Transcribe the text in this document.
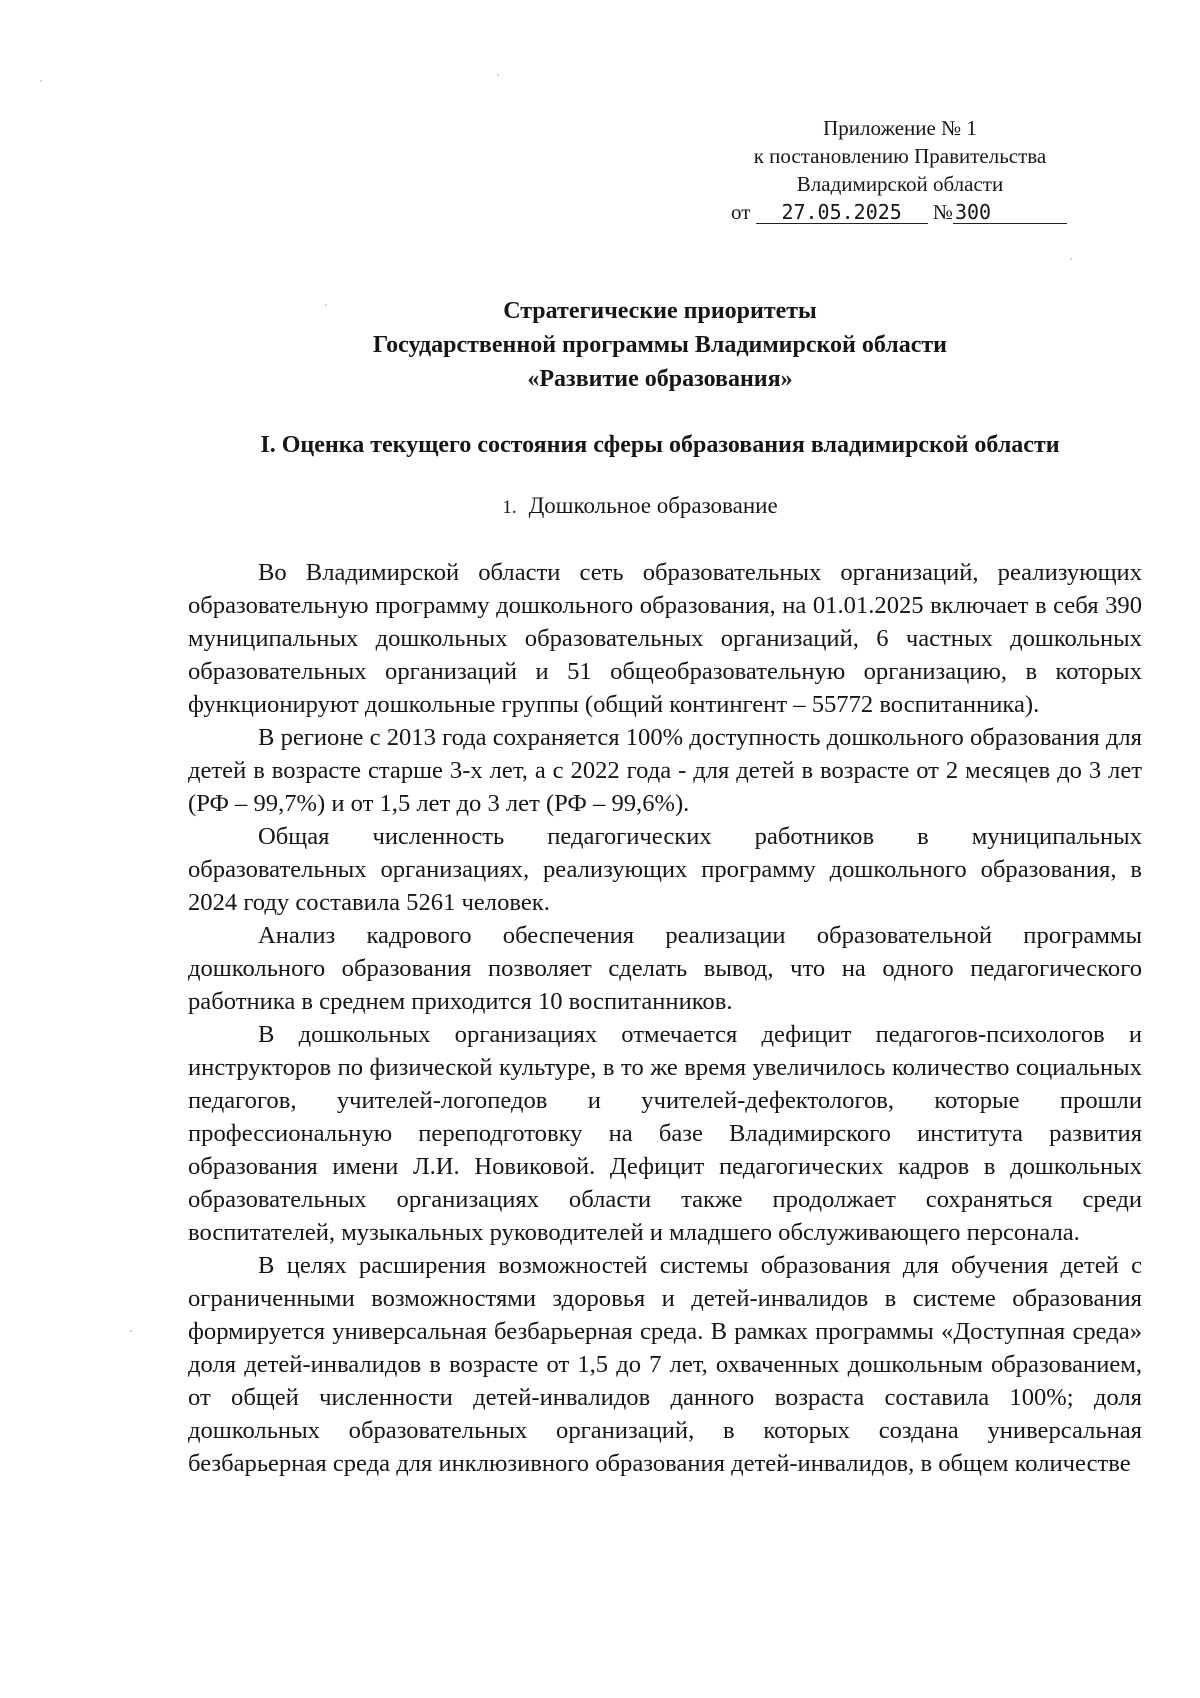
Приложение № 1
к постановлению Правительства
Владимирской области
от 27.05.2025 № 300
Стратегические приоритеты
Государственной программы Владимирской области
«Развитие образования»
I. Оценка текущего состояния сферы образования владимирской области
1. Дошкольное образование

Во Владимирской области сеть образовательных организаций, реализующих образовательную программу дошкольного образования, на 01.01.2025 включает в себя 390 муниципальных дошкольных образовательных организаций, 6 частных дошкольных образовательных организаций и 51 общеобразовательную организацию, в которых функционируют дошкольные группы (общий контингент – 55772 воспитанника).

В регионе с 2013 года сохраняется 100% доступность дошкольного образования для детей в возрасте старше 3-х лет, а с 2022 года - для детей в возрасте от 2 месяцев до 3 лет (РФ – 99,7%) и от 1,5 лет до 3 лет (РФ – 99,6%).

Общая численность педагогических работников в муниципальных образовательных организациях, реализующих программу дошкольного образования, в 2024 году составила 5261 человек.

Анализ кадрового обеспечения реализации образовательной программы дошкольного образования позволяет сделать вывод, что на одного педагогического работника в среднем приходится 10 воспитанников.

В дошкольных организациях отмечается дефицит педагогов-психологов и инструкторов по физической культуре, в то же время увеличилось количество социальных педагогов, учителей-логопедов и учителей-дефектологов, которые прошли профессиональную переподготовку на базе Владимирского института развития образования имени Л.И. Новиковой. Дефицит педагогических кадров в дошкольных образовательных организациях области также продолжает сохраняться среди воспитателей, музыкальных руководителей и младшего обслуживающего персонала.

В целях расширения возможностей системы образования для обучения детей с ограниченными возможностями здоровья и детей-инвалидов в системе образования формируется универсальная безбарьерная среда. В рамках программы «Доступная среда» доля детей-инвалидов в возрасте от 1,5 до 7 лет, охваченных дошкольным образованием, от общей численности детей-инвалидов данного возраста составила 100%; доля дошкольных образовательных организаций, в которых создана универсальная безбарьерная среда для инклюзивного образования детей-инвалидов, в общем количестве
